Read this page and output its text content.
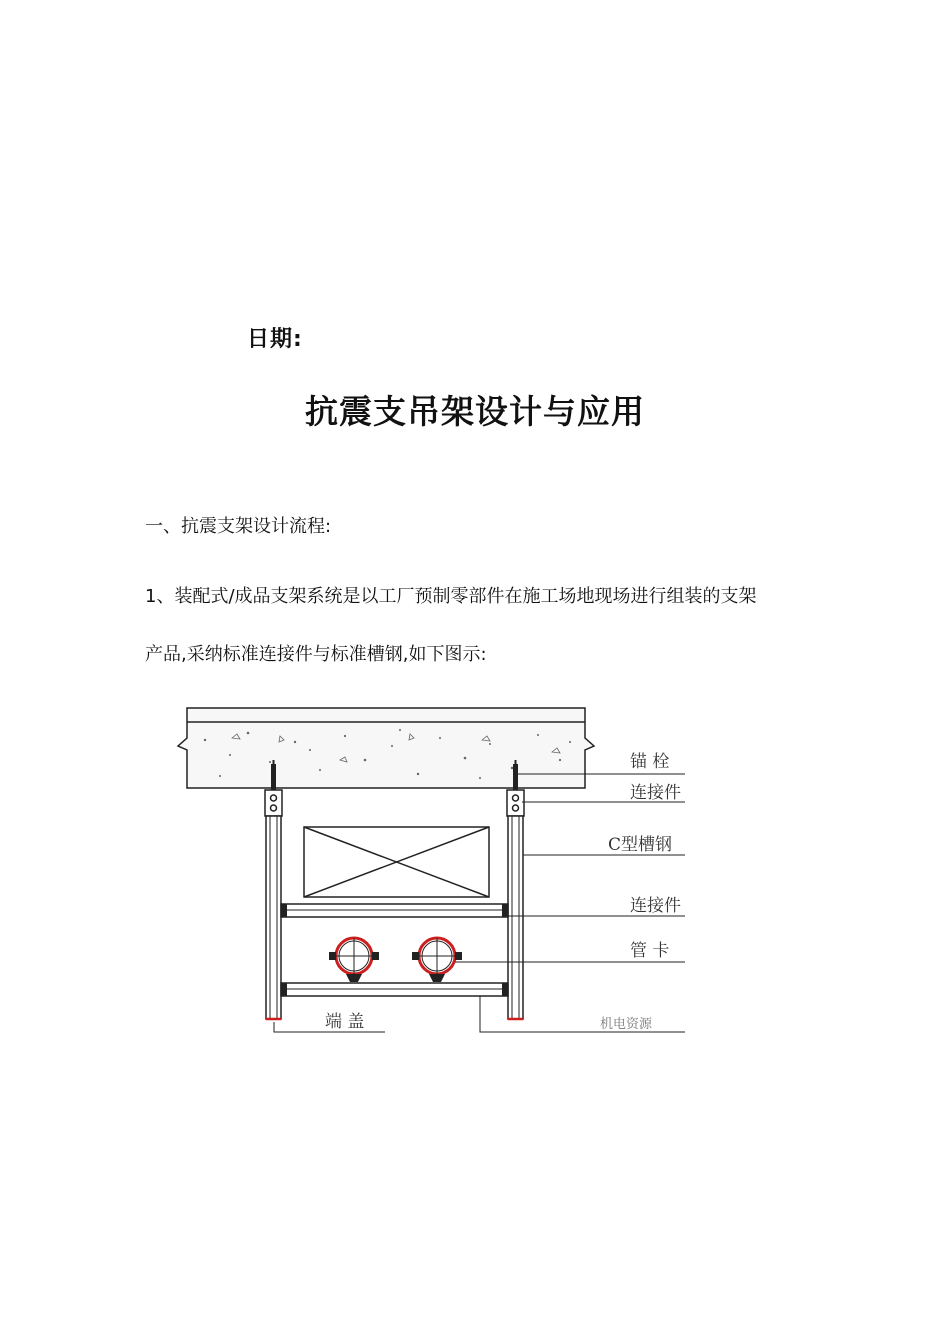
日期:
抗震支吊架设计与应用
一、抗震支架设计流程:
1、装配式/成品支架系统是以工厂预制零部件在施工场地现场进行组装的支架
产品,采纳标准连接件与标准槽钢,如下图示:
锚 栓
连接件
C型槽钢
连接件
管 卡
端 盖	机电资源
